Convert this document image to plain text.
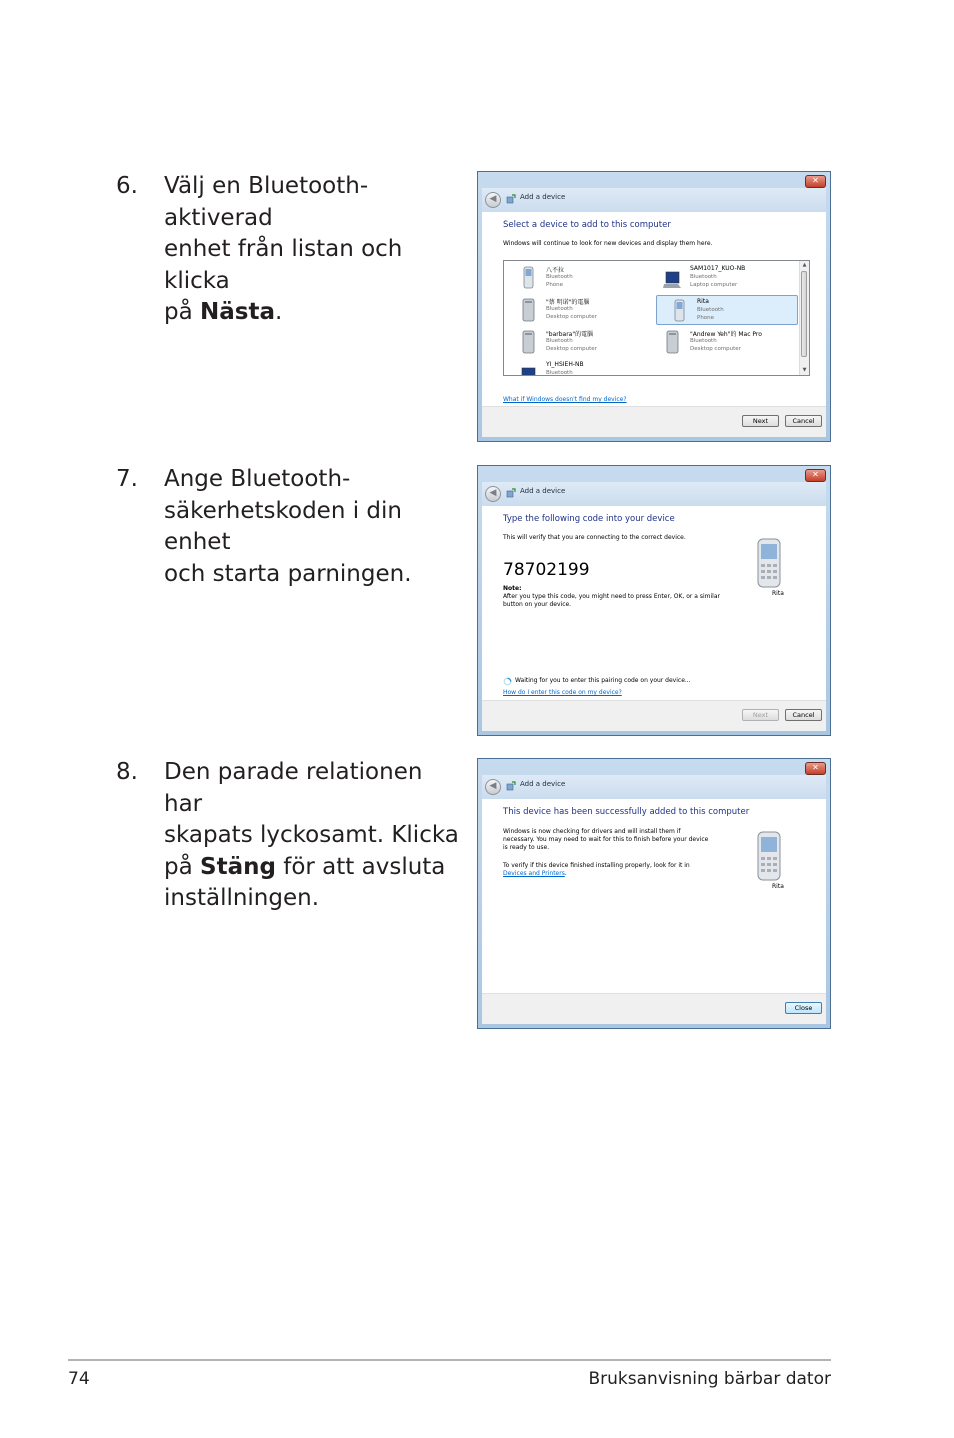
6. Välj en Bluetooth-aktiverad
enhet från listan och klicka
på Nästa.
7. Ange Bluetooth-
säkerhetskoden i din enhet
och starta parningen.
8. Den parade relationen har
skapats lyckosamt. Klicka
på Stäng för att avsluta
inställningen.
✕
◀	Add a device
Select a device to add to this computer
Windows will continue to look for new devices and display them here.
八不拉
Bluetooth
Phone
SAM1017_KUO-NB
Bluetooth
Laptop computer
"蔡 明诺"的電腦
Bluetooth
Desktop computer
Rita
Bluetooth
Phone
"barbara"的電腦
Bluetooth
Desktop computer
"Andrew Yeh"的 Mac Pro
Bluetooth
Desktop computer
YI_HSIEH-NB
Bluetooth
▲
▼
What if Windows doesn't find my device?
Next	Cancel
✕
◀	Add a device
Type the following code into your device
This will verify that you are connecting to the correct device.
78702199
Note:
After you type this code, you might need to press Enter, OK, or a similar
button on your device.
Rita
Waiting for you to enter this pairing code on your device...
How do I enter this code on my device?
Next	Cancel
✕
◀	Add a device
This device has been successfully added to this computer
Windows is now checking for drivers and will install them if
necessary. You may need to wait for this to finish before your device
is ready to use.
To verify if this device finished installing properly, look for it in
Devices and Printers.
Rita
Close
74	Bruksanvisning bärbar dator
